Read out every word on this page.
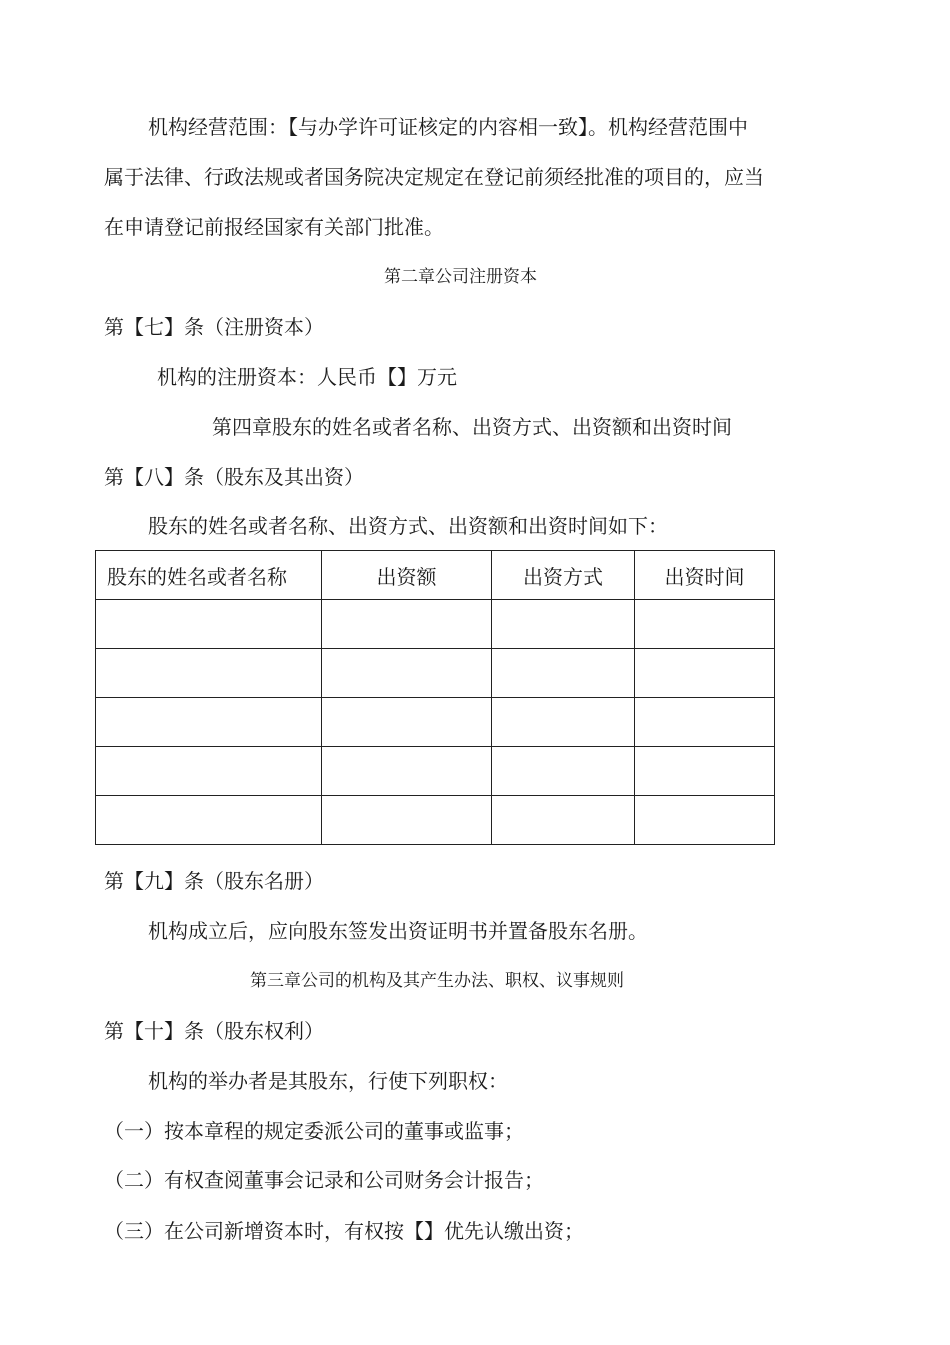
机构经营范围：【与办学许可证核定的内容相一致】。机构经营范围中
属于法律、行政法规或者国务院决定规定在登记前须经批准的项目的，应当
在申请登记前报经国家有关部门批准。
第二章公司注册资本
第【七】条（注册资本）
机构的注册资本：人民币【】万元
第四章股东的姓名或者名称、出资方式、出资额和出资时间
第【八】条（股东及其出资）
股东的姓名或者名称、出资方式、出资额和出资时间如下：
股东的姓名或者名称	出资额	出资方式	出资时间

第【九】条（股东名册）
机构成立后，应向股东签发出资证明书并置备股东名册。
第三章公司的机构及其产生办法、职权、议事规则
第【十】条（股东权利）
机构的举办者是其股东，行使下列职权：
（一）按本章程的规定委派公司的董事或监事；
（二）有权查阅董事会记录和公司财务会计报告；
（三）在公司新增资本时，有权按【】优先认缴出资；
